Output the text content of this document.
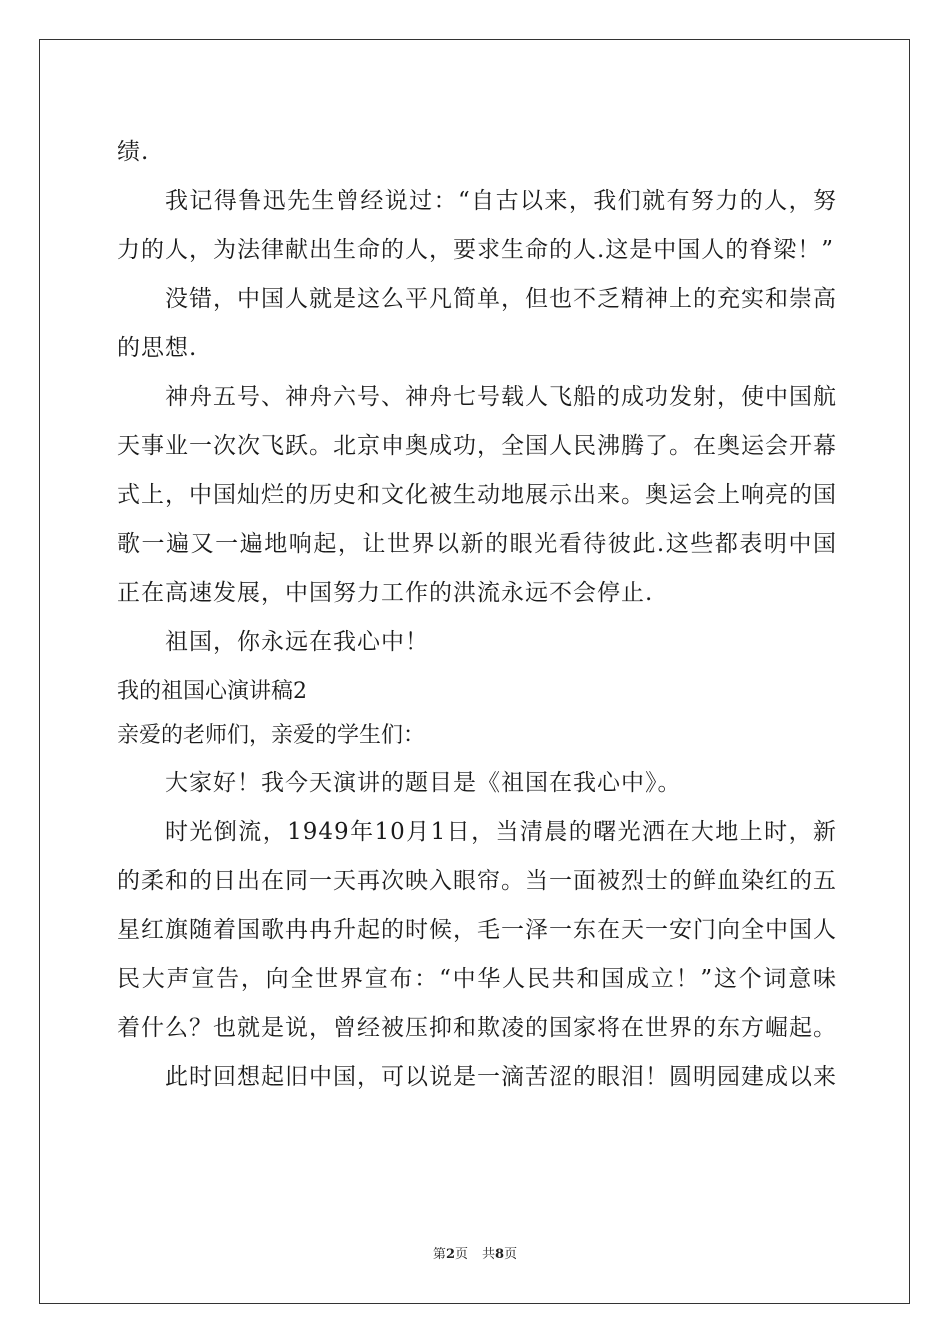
绩.

我记得鲁迅先生曾经说过：“自古以来，我们就有努力的人，努力的人，为法律献出生命的人，要求生命的人.这是中国人的脊梁！”

没错，中国人就是这么平凡简单，但也不乏精神上的充实和崇高的思想.

神舟五号、神舟六号、神舟七号载人飞船的成功发射，使中国航天事业一次次飞跃。北京申奥成功，全国人民沸腾了。在奥运会开幕式上，中国灿烂的历史和文化被生动地展示出来。奥运会上响亮的国歌一遍又一遍地响起，让世界以新的眼光看待彼此.这些都表明中国正在高速发展，中国努力工作的洪流永远不会停止.

祖国，你永远在我心中！

我的祖国心演讲稿2

亲爱的老师们，亲爱的学生们：

大家好！我今天演讲的题目是《祖国在我心中》。

时光倒流，1949年10月1日，当清晨的曙光洒在大地上时，新的柔和的日出在同一天再次映入眼帘。当一面被烈士的鲜血染红的五星红旗随着国歌冉冉升起的时候，毛一泽一东在天一安门向全中国人民大声宣告，向全世界宣布：“中华人民共和国成立！”这个词意味着什么？也就是说，曾经被压抑和欺凌的国家将在世界的东方崛起。

此时回想起旧中国，可以说是一滴苦涩的眼泪！圆明园建成以来

第2页 共8页
